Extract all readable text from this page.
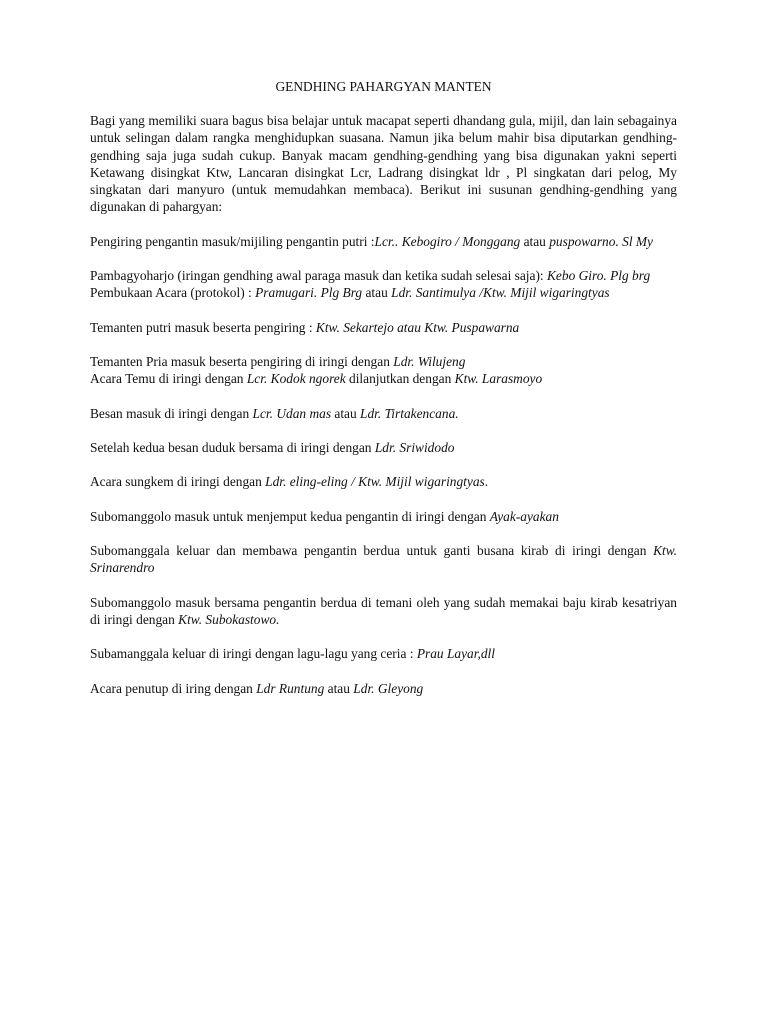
GENDHING PAHARGYAN MANTEN

Bagi yang memiliki suara bagus bisa belajar untuk macapat seperti dhandang gula, mijil, dan lain sebagainya untuk selingan dalam rangka menghidupkan suasana. Namun jika belum mahir bisa diputarkan gendhing-gendhing saja juga sudah cukup. Banyak macam gendhing-gendhing yang bisa digunakan yakni seperti Ketawang disingkat Ktw, Lancaran disingkat Lcr, Ladrang disingkat ldr , Pl singkatan dari pelog, My singkatan dari manyuro (untuk memudahkan membaca). Berikut ini susunan gendhing-gendhing yang digunakan di pahargyan:

Pengiring pengantin masuk/mijiling pengantin putri :Lcr.. Kebogiro / Monggang atau puspowarno. Sl My

Pambagyoharjo (iringan gendhing awal paraga masuk dan ketika sudah selesai saja): Kebo Giro. Plg brg

Pembukaan Acara (protokol) : Pramugari. Plg Brg atau Ldr. Santimulya /Ktw. Mijil wigaringtyas

Temanten putri masuk beserta pengiring : Ktw. Sekartejo atau Ktw. Puspawarna

Temanten Pria masuk beserta pengiring di iringi dengan Ldr. Wilujeng

Acara Temu di iringi dengan Lcr. Kodok ngorek dilanjutkan dengan Ktw. Larasmoyo

Besan masuk di iringi dengan Lcr. Udan mas atau Ldr. Tirtakencana.

Setelah kedua besan duduk bersama di iringi dengan Ldr. Sriwidodo

Acara sungkem di iringi dengan Ldr. eling-eling / Ktw. Mijil wigaringtyas.

Subomanggolo masuk untuk menjemput kedua pengantin di iringi dengan Ayak-ayakan

Subomanggala keluar dan membawa pengantin berdua untuk ganti busana kirab di iringi dengan Ktw. Srinarendro

Subomanggolo masuk bersama pengantin berdua di temani oleh yang sudah memakai baju kirab kesatriyan di iringi dengan Ktw. Subokastowo.

Subamanggala keluar di iringi dengan lagu-lagu yang ceria : Prau Layar,dll

Acara penutup di iring dengan Ldr Runtung atau Ldr. Gleyong
